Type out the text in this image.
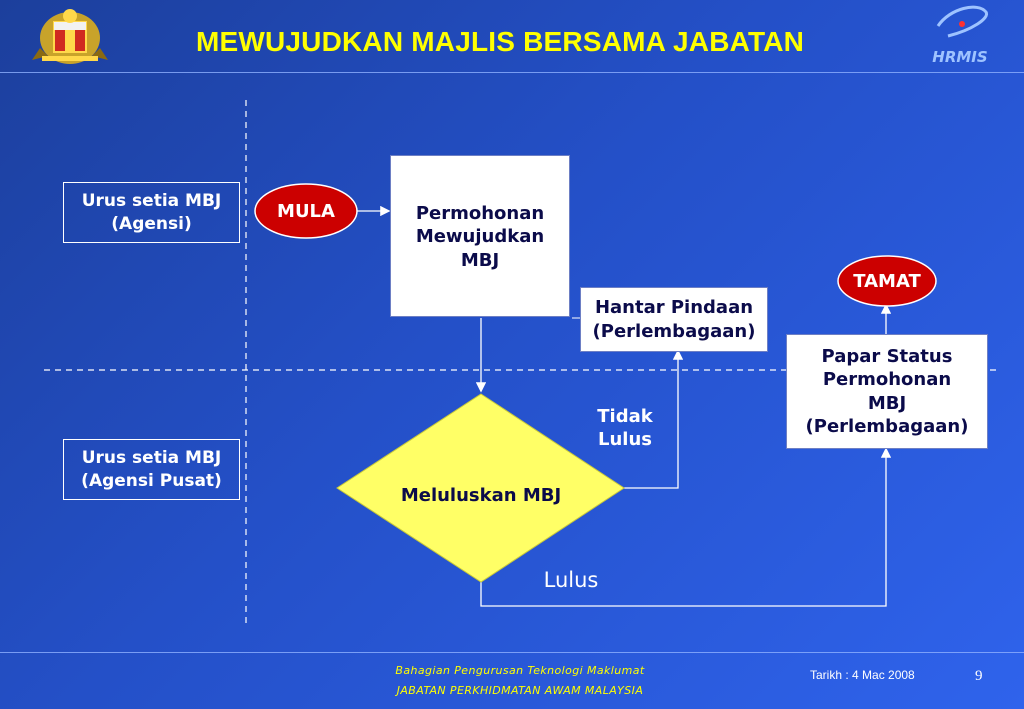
HRMIS
MEWUJUDKAN MAJLIS BERSAMA JABATAN
MULA
TAMAT
Urus setia MBJ
(Agensi)
Urus setia MBJ
(Agensi Pusat)
Permohonan
Mewujudkan
MBJ
Hantar Pindaan
(Perlembagaan)
Papar Status
Permohonan
MBJ
(Perlembagaan)
Meluluskan MBJ
Tidak
Lulus
Lulus
Bahagian Pengurusan Teknologi Maklumat
JABATAN PERKHIDMATAN AWAM MALAYSIA
Tarikh : 4 Mac 2008	9
